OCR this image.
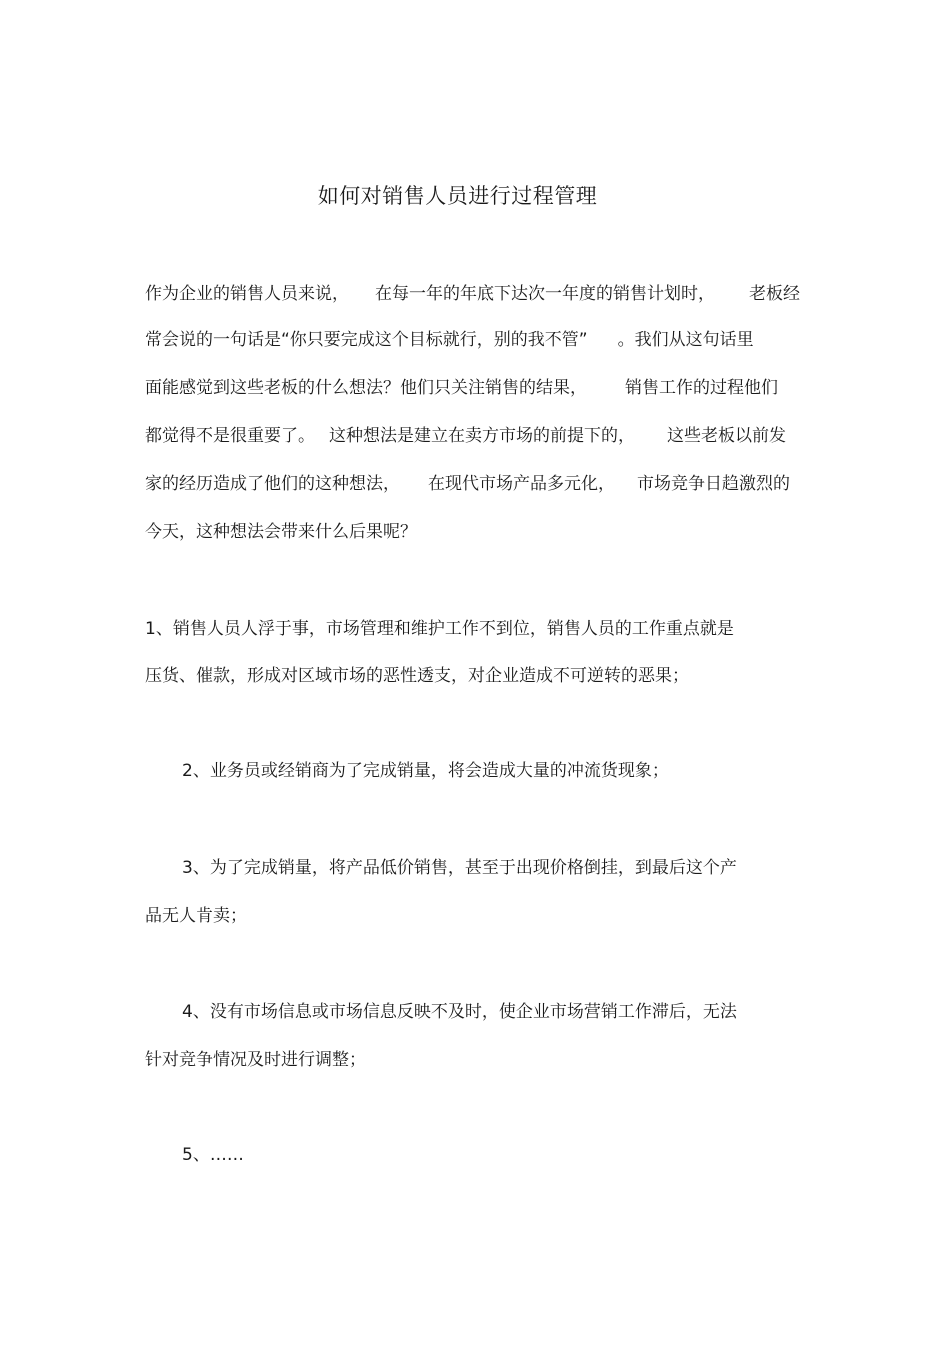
如何对销售人员进行过程管理
作为企业的销售人员来说， 在每一年的年底下达次一年度的销售计划时， 老板经
常会说的一句话是“你只要完成这个目标就行，别的我不管” 。我们从这句话里
面能感觉到这些老板的什么想法？他们只关注销售的结果， 销售工作的过程他们
都觉得不是很重要了。 这种想法是建立在卖方市场的前提下的， 这些老板以前发
家的经历造成了他们的这种想法， 在现代市场产品多元化， 市场竞争日趋激烈的
今天，这种想法会带来什么后果呢？
1、销售人员人浮于事，市场管理和维护工作不到位，销售人员的工作重点就是
压货、催款，形成对区域市场的恶性透支，对企业造成不可逆转的恶果；
2、业务员或经销商为了完成销量，将会造成大量的冲流货现象；
3、为了完成销量，将产品低价销售，甚至于出现价格倒挂，到最后这个产
品无人肯卖；
4、没有市场信息或市场信息反映不及时，使企业市场营销工作滞后，无法
针对竞争情况及时进行调整；
5、……
